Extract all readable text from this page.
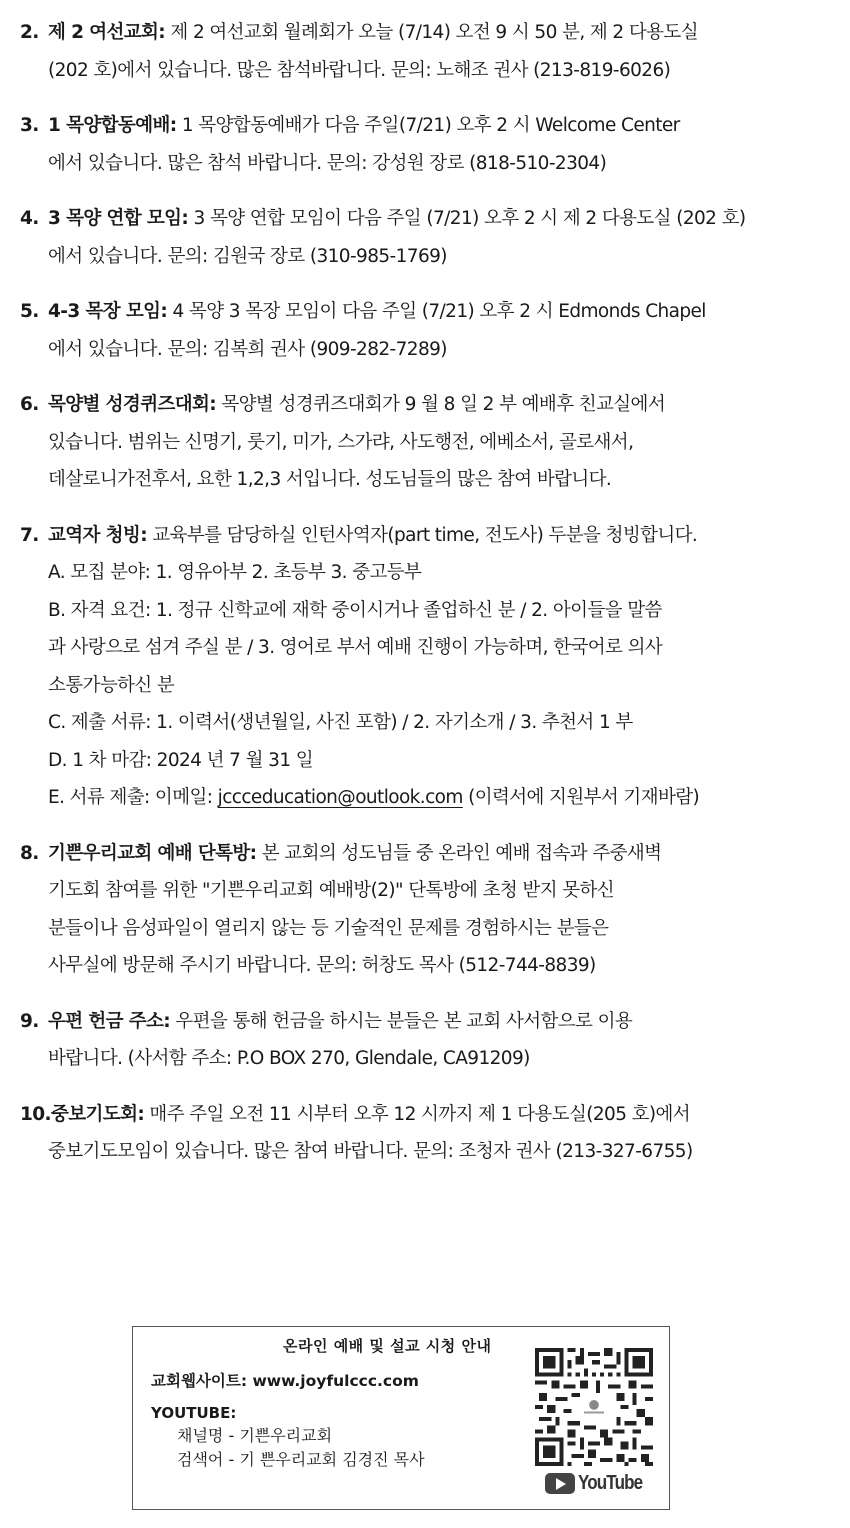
2. 제 2 여선교회: 제 2 여선교회 월례회가 오늘 (7/14) 오전 9 시 50 분, 제 2 다용도실
(202 호)에서 있습니다. 많은 참석바랍니다. 문의: 노해조 권사 (213-819-6026)
3. 1 목양합동예배: 1 목양합동예배가 다음 주일(7/21) 오후 2 시 Welcome Center
에서 있습니다. 많은 참석 바랍니다. 문의: 강성원 장로 (818-510-2304)
4. 3 목양 연합 모임: 3 목양 연합 모임이 다음 주일 (7/21) 오후 2 시 제 2 다용도실 (202 호)
에서 있습니다. 문의: 김원국 장로 (310-985-1769)
5. 4-3 목장 모임: 4 목양 3 목장 모임이 다음 주일 (7/21) 오후 2 시 Edmonds Chapel
에서 있습니다. 문의: 김복희 권사 (909-282-7289)
6. 목양별 성경퀴즈대회: 목양별 성경퀴즈대회가 9 월 8 일 2 부 예배후 친교실에서
있습니다. 범위는 신명기, 룻기, 미가, 스가랴, 사도행전, 에베소서, 골로새서,
데살로니가전후서, 요한 1,2,3 서입니다. 성도님들의 많은 참여 바랍니다.
7. 교역자 청빙: 교육부를 담당하실 인턴사역자(part time, 전도사) 두분을 청빙합니다.
A. 모집 분야: 1. 영유아부 2. 초등부 3. 중고등부
B. 자격 요건: 1. 정규 신학교에 재학 중이시거나 졸업하신 분 / 2. 아이들을 말씀
과 사랑으로 섬겨 주실 분 / 3. 영어로 부서 예배 진행이 가능하며, 한국어로 의사
소통가능하신 분
C. 제출 서류: 1. 이력서(생년월일, 사진 포함) / 2. 자기소개 / 3. 추천서 1 부
D. 1 차 마감: 2024 년 7 월 31 일
E. 서류 제출: 이메일: jccceducation@outlook.com (이력서에 지원부서 기재바람)
8. 기쁜우리교회 예배 단톡방: 본 교회의 성도님들 중 온라인 예배 접속과 주중새벽
기도회 참여를 위한 "기쁜우리교회 예배방(2)" 단톡방에 초청 받지 못하신
분들이나 음성파일이 열리지 않는 등 기술적인 문제를 경험하시는 분들은
사무실에 방문해 주시기 바랍니다. 문의: 허창도 목사 (512-744-8839)
9. 우편 헌금 주소: 우편을 통해 헌금을 하시는 분들은 본 교회 사서함으로 이용
바랍니다. (사서함 주소: P.O BOX 270, Glendale, CA91209)
10.중보기도회: 매주 주일 오전 11 시부터 오후 12 시까지 제 1 다용도실(205 호)에서
중보기도모임이 있습니다. 많은 참여 바랍니다. 문의: 조청자 권사 (213-327-6755)
온라인 예배 및 설교 시청 안내
교회웹사이트: www.joyfulccc.com
YOUTUBE:
채널명 - 기쁜우리교회
검색어 - 기 쁜우리교회 김경진 목사
YouTube
